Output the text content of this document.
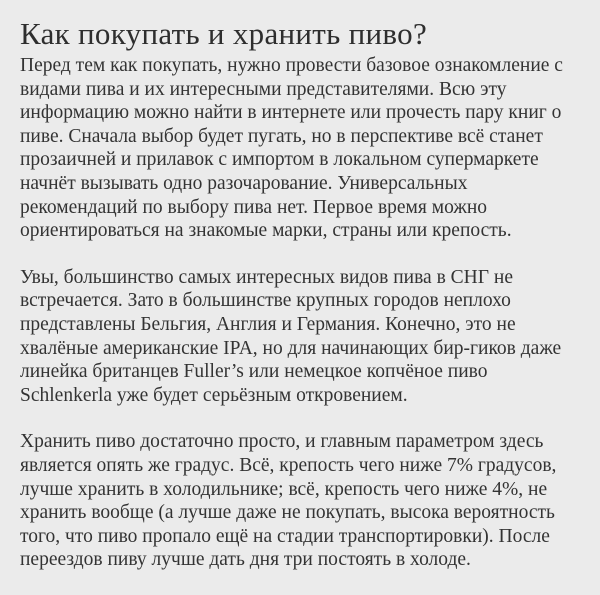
Как покупать и хранить пиво?

Перед тем как покупать, нужно провести базовое ознакомление с
видами пива и их интересными представителями. Всю эту
информацию можно найти в интернете или прочесть пару книг о
пиве. Сначала выбор будет пугать, но в перспективе всё станет
прозаичней и прилавок с импортом в локальном супермаркете
начнёт вызывать одно разочарование. Универсальных
рекомендаций по выбору пива нет. Первое время можно
ориентироваться на знакомые марки, страны или крепость.

Увы, большинство самых интересных видов пива в СНГ не
встречается. Зато в большинстве крупных городов неплохо
представлены Бельгия, Англия и Германия. Конечно, это не
хвалёные американские IPA, но для начинающих бир-гиков даже
линейка британцев Fuller’s или немецкое копчёное пиво
Schlenkerla уже будет серьёзным откровением.

Хранить пиво достаточно просто, и главным параметром здесь
является опять же градус. Всё, крепость чего ниже 7% градусов,
лучше хранить в холодильнике; всё, крепость чего ниже 4%, не
хранить вообще (а лучше даже не покупать, высока вероятность
того, что пиво пропало ещё на стадии транспортировки). После
переездов пиву лучше дать дня три постоять в холоде.
